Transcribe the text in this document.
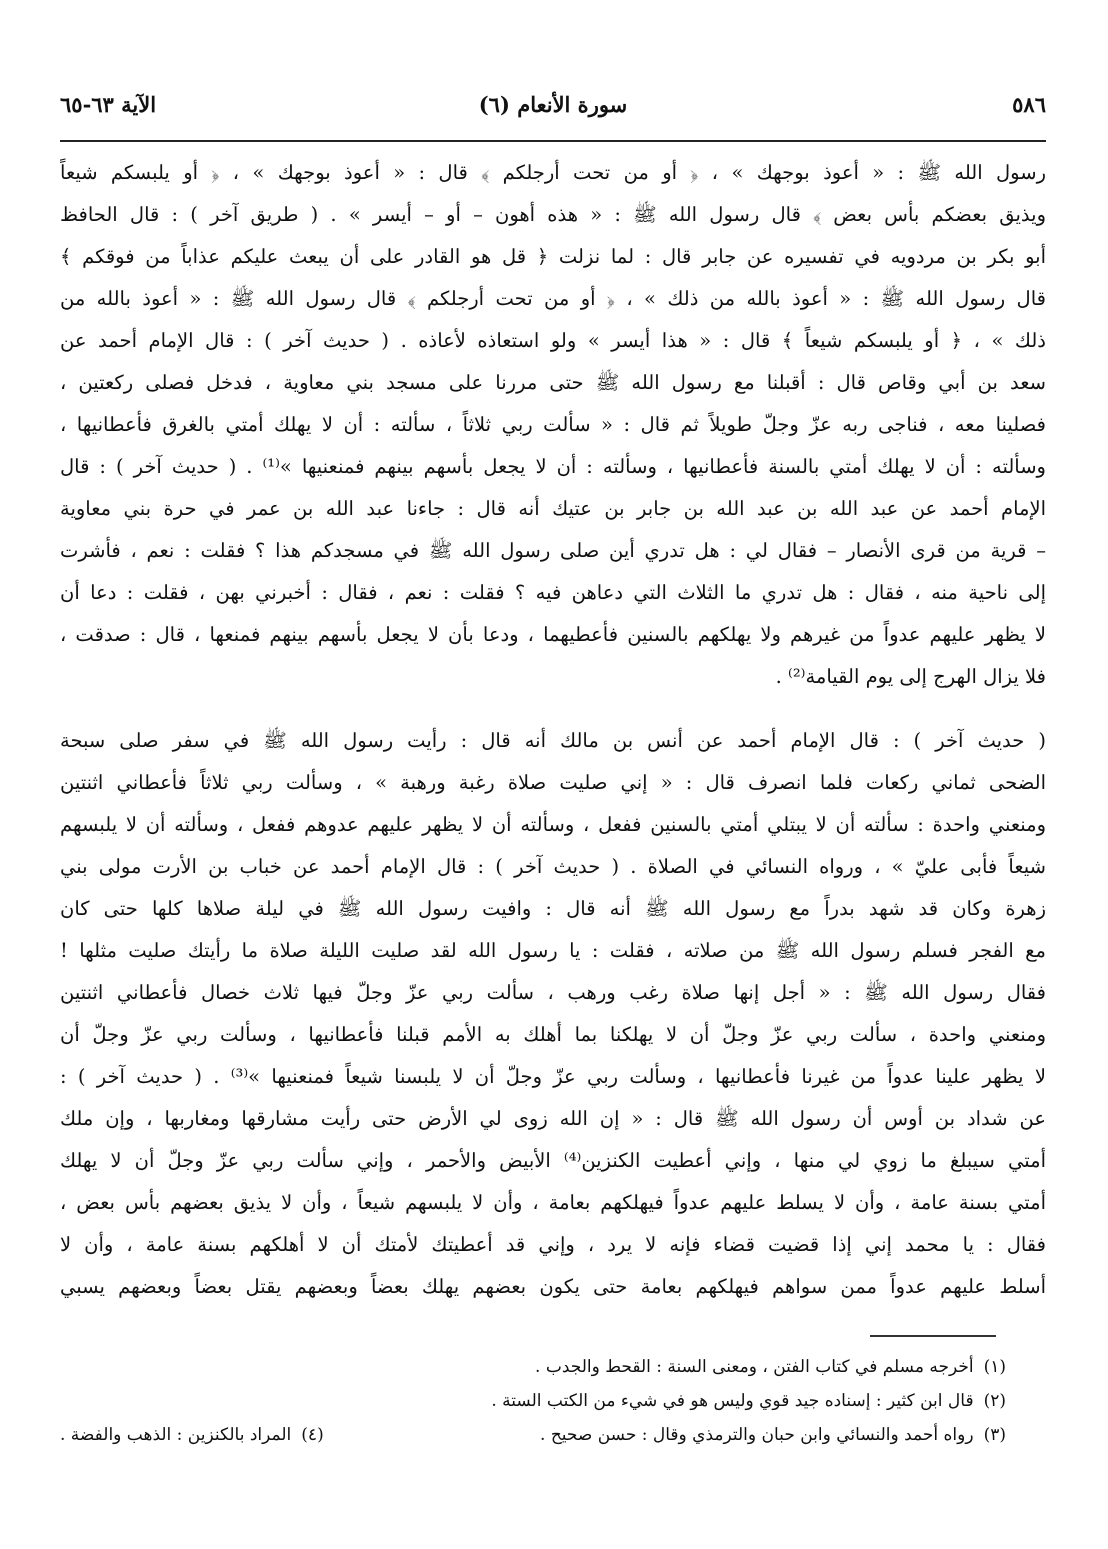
٥٨٦
(٦) سورة الأنعام
الآية ٦٣-٦٥
رسول الله ﷺ : « أعوذ بوجهك » ، ﴿ أو من تحت أرجلكم ﴾ قال : « أعوذ بوجهك » ، ﴿ أو يلبسكم شيعاً
ويذيق بعضكم بأس بعض ﴾ قال رسول الله ﷺ : « هذه أهون – أو – أيسر » . ( طريق آخر ) : قال الحافظ
أبو بكر بن مردويه في تفسيره عن جابر قال : لما نزلت ﴿ قل هو القادر على أن يبعث عليكم عذاباً من فوقكم ﴾
قال رسول الله ﷺ : « أعوذ بالله من ذلك » ، ﴿ أو من تحت أرجلكم ﴾ قال رسول الله ﷺ : « أعوذ بالله من
ذلك » ، ﴿ أو يلبسكم شيعاً ﴾ قال : « هذا أيسر » ولو استعاذه لأعاذه . ( حديث آخر ) : قال الإمام أحمد عن
سعد بن أبي وقاص قال : أقبلنا مع رسول الله ﷺ حتى مررنا على مسجد بني معاوية ، فدخل فصلى ركعتين ،
فصلينا معه ، فناجى ربه عزّ وجلّ طويلاً ثم قال : « سألت ربي ثلاثاً ، سألته : أن لا يهلك أمتي بالغرق فأعطانيها ،
وسألته : أن لا يهلك أمتي بالسنة فأعطانيها ، وسألته : أن لا يجعل بأسهم بينهم فمنعنيها »⁽¹⁾ . ( حديث آخر ) : قال
الإمام أحمد عن عبد الله بن عبد الله بن جابر بن عتيك أنه قال : جاءنا عبد الله بن عمر في حرة بني معاوية
– قرية من قرى الأنصار – فقال لي : هل تدري أين صلى رسول الله ﷺ في مسجدكم هذا ؟ فقلت : نعم ، فأشرت
إلى ناحية منه ، فقال : هل تدري ما الثلاث التي دعاهن فيه ؟ فقلت : نعم ، فقال : أخبرني بهن ، فقلت : دعا أن
لا يظهر عليهم عدواً من غيرهم ولا يهلكهم بالسنين فأعطيهما ، ودعا بأن لا يجعل بأسهم بينهم فمنعها ، قال : صدقت ،
فلا يزال الهرج إلى يوم القيامة⁽²⁾ .
( حديث آخر ) : قال الإمام أحمد عن أنس بن مالك أنه قال : رأيت رسول الله ﷺ في سفر صلى سبحة
الضحى ثماني ركعات فلما انصرف قال : « إني صليت صلاة رغبة ورهبة » ، وسألت ربي ثلاثاً فأعطاني اثنتين
ومنعني واحدة : سألته أن لا يبتلي أمتي بالسنين ففعل ، وسألته أن لا يظهر عليهم عدوهم ففعل ، وسألته أن لا يلبسهم
شيعاً فأبى عليّ » ، ورواه النسائي في الصلاة . ( حديث آخر ) : قال الإمام أحمد عن خباب بن الأرت مولى بني
زهرة وكان قد شهد بدراً مع رسول الله ﷺ أنه قال : وافيت رسول الله ﷺ في ليلة صلاها كلها حتى كان
مع الفجر فسلم رسول الله ﷺ من صلاته ، فقلت : يا رسول الله لقد صليت الليلة صلاة ما رأيتك صليت مثلها !
فقال رسول الله ﷺ : « أجل إنها صلاة رغب ورهب ، سألت ربي عزّ وجلّ فيها ثلاث خصال فأعطاني اثنتين
ومنعني واحدة ، سألت ربي عزّ وجلّ أن لا يهلكنا بما أهلك به الأمم قبلنا فأعطانيها ، وسألت ربي عزّ وجلّ أن
لا يظهر علينا عدواً من غيرنا فأعطانيها ، وسألت ربي عزّ وجلّ أن لا يلبسنا شيعاً فمنعنيها »⁽³⁾ . ( حديث آخر ) :
عن شداد بن أوس أن رسول الله ﷺ قال : « إن الله زوى لي الأرض حتى رأيت مشارقها ومغاربها ، وإن ملك
أمتي سيبلغ ما زوي لي منها ، وإني أعطيت الكنزين⁽⁴⁾ الأبيض والأحمر ، وإني سألت ربي عزّ وجلّ أن لا يهلك
أمتي بسنة عامة ، وأن لا يسلط عليهم عدواً فيهلكهم بعامة ، وأن لا يلبسهم شيعاً ، وأن لا يذيق بعضهم بأس بعض ،
فقال : يا محمد إني إذا قضيت قضاء فإنه لا يرد ، وإني قد أعطيتك لأمتك أن لا أهلكهم بسنة عامة ، وأن لا
أسلط عليهم عدواً ممن سواهم فيهلكهم بعامة حتى يكون بعضهم يهلك بعضاً وبعضهم يقتل بعضاً وبعضهم يسبي
(١)أخرجه مسلم في كتاب الفتن ، ومعنى السنة : القحط والجدب .
(٢)قال ابن كثير : إسناده جيد قوي وليس هو في شيء من الكتب الستة .
(٣)رواه أحمد والنسائي وابن حبان والترمذي وقال : حسن صحيح .
(٤)المراد بالكنزين : الذهب والفضة .
